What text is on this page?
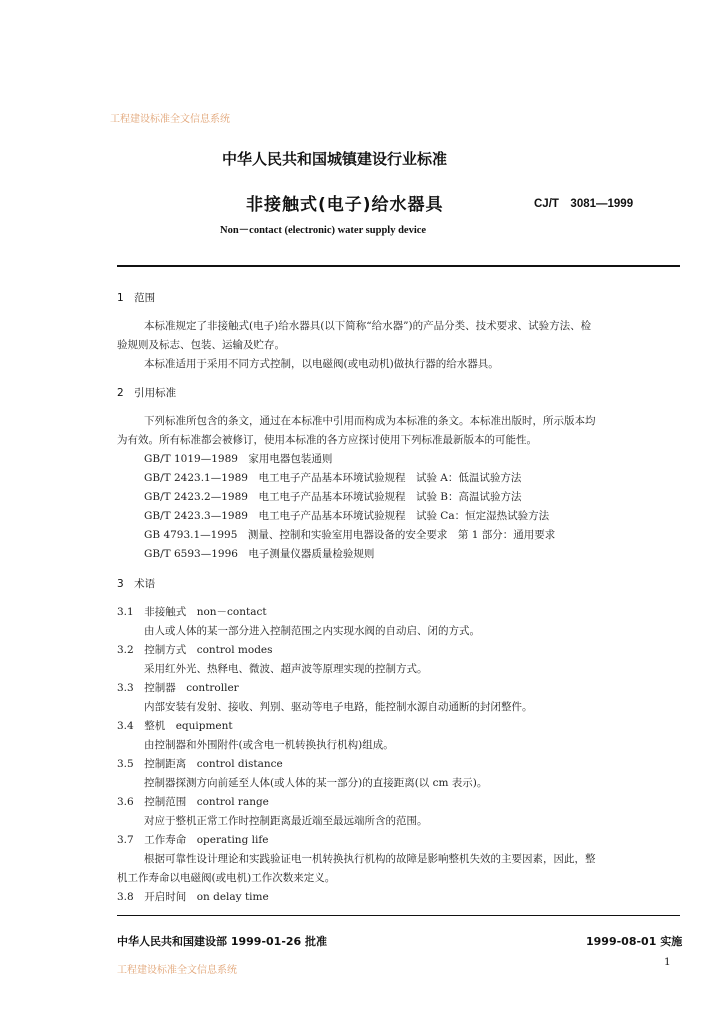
工程建设标准全文信息系统
中华人民共和国城镇建设行业标准
非接触式(电子)给水器具	CJ/T　3081—1999
Non－contact (electronic) water supply device
1　范围
本标准规定了非接触式(电子)给水器具(以下简称“给水器”)的产品分类、技术要求、试验方法、检
验规则及标志、包装、运输及贮存。
本标准适用于采用不同方式控制，以电磁阀(或电动机)做执行器的给水器具。
2　引用标准
下列标准所包含的条文，通过在本标准中引用而构成为本标准的条文。本标准出版时，所示版本均
为有效。所有标准都会被修订，使用本标准的各方应探讨使用下列标准最新版本的可能性。
GB/T 1019—1989　家用电器包装通则
GB/T 2423.1—1989　电工电子产品基本环境试验规程　试验 A：低温试验方法
GB/T 2423.2—1989　电工电子产品基本环境试验规程　试验 B：高温试验方法
GB/T 2423.3—1989　电工电子产品基本环境试验规程　试验 Ca：恒定湿热试验方法
GB 4793.1—1995　测量、控制和实验室用电器设备的安全要求　第 1 部分：通用要求
GB/T 6593—1996　电子测量仪器质量检验规则
3　术语
3.1　非接触式　non－contact
由人或人体的某一部分进入控制范围之内实现水阀的自动启、闭的方式。
3.2　控制方式　control modes
采用红外光、热释电、微波、超声波等原理实现的控制方式。
3.3　控制器　controller
内部安装有发射、接收、判别、驱动等电子电路，能控制水源自动通断的封闭整件。
3.4　整机　equipment
由控制器和外围附件(或含电一机转换执行机构)组成。
3.5　控制距离　control distance
控制器探测方向前延至人体(或人体的某一部分)的直接距离(以 cm 表示)。
3.6　控制范围　control range
对应于整机正常工作时控制距离最近端至最远端所含的范围。
3.7　工作寿命　operating life
根据可靠性设计理论和实践验证电一机转换执行机构的故障是影响整机失效的主要因素，因此，整
机工作寿命以电磁阀(或电机)工作次数来定义。
3.8　开启时间　on delay time
中华人民共和国建设部 1999-01-26 批准	1999-08-01 实施
工程建设标准全文信息系统
1
